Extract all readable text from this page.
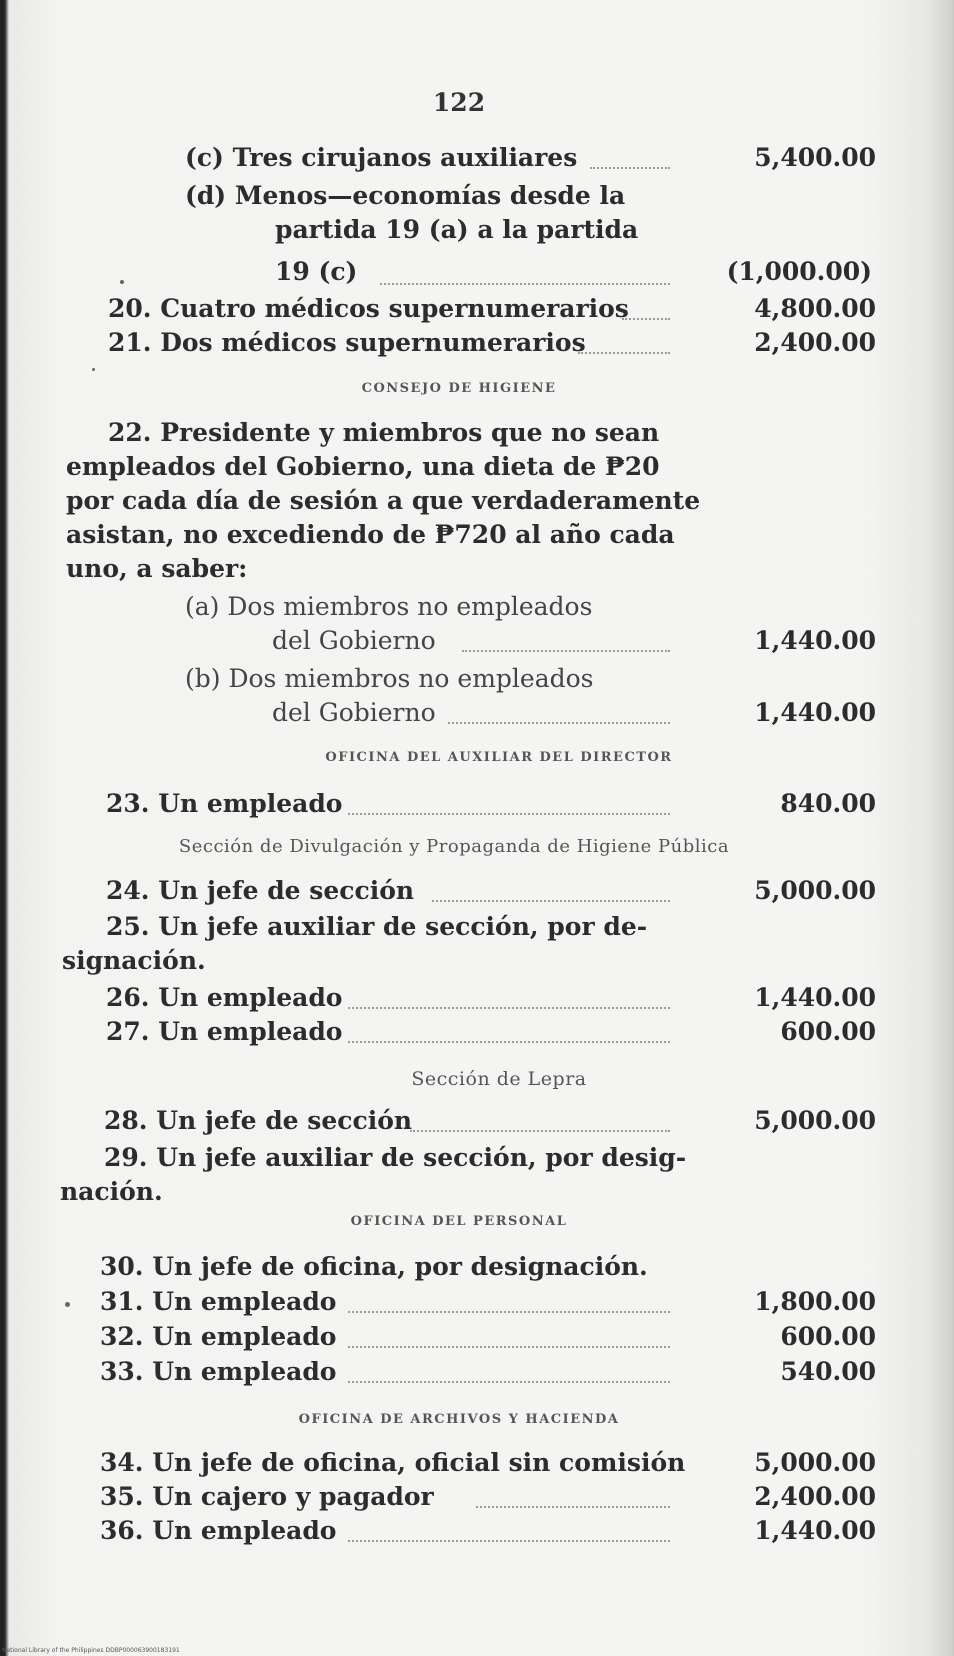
122
(c) Tres cirujanos auxiliares	5,400.00
(d) Menos—economías desde la
partida 19 (a) a la partida
19 (c)	(1,000.00)
20. Cuatro médicos supernumerarios	4,800.00
21. Dos médicos supernumerarios	2,400.00
CONSEJO DE HIGIENE
22. Presidente y miembros que no sean
empleados del Gobierno, una dieta de ₱20
por cada día de sesión a que verdaderamente
asistan, no excediendo de ₱720 al año cada
uno, a saber:
(a) Dos miembros no empleados
del Gobierno	1,440.00
(b) Dos miembros no empleados
del Gobierno	1,440.00
OFICINA DEL AUXILIAR DEL DIRECTOR
23. Un empleado	840.00
Sección de Divulgación y Propaganda de Higiene Pública
24. Un jefe de sección	5,000.00
25. Un jefe auxiliar de sección, por de-
signación.
26. Un empleado	1,440.00
27. Un empleado	600.00
Sección de Lepra
28. Un jefe de sección	5,000.00
29. Un jefe auxiliar de sección, por desig-
nación.
OFICINA DEL PERSONAL
30. Un jefe de oficina, por designación.
31. Un empleado	1,800.00
32. Un empleado	600.00
33. Un empleado	540.00
OFICINA DE ARCHIVOS Y HACIENDA
34. Un jefe de oficina, oficial sin comisión	5,000.00
35. Un cajero y pagador	2,400.00
36. Un empleado	1,440.00
National Library of the Philippines DDBP000063900183191
